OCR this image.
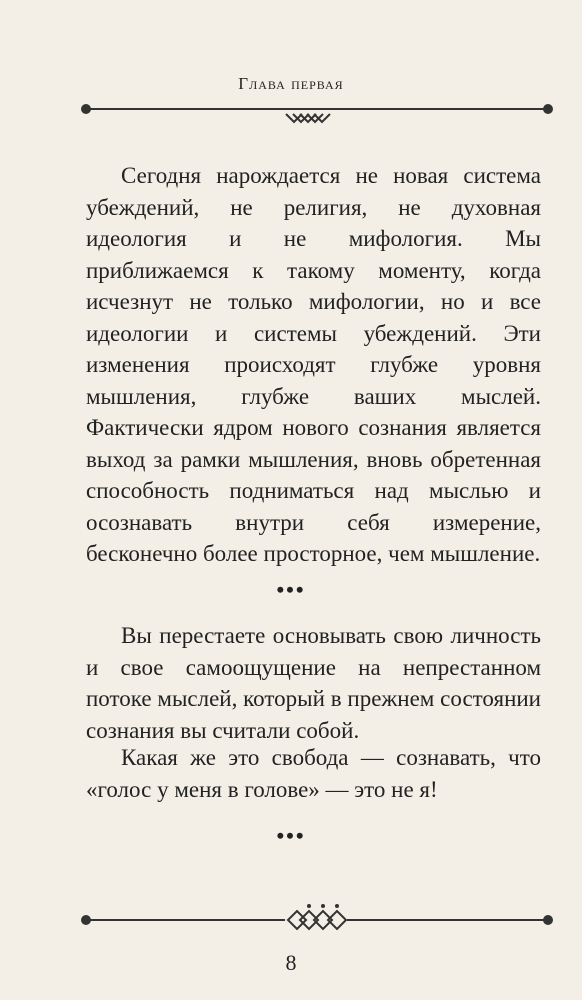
Глава первая

Сегодня нарождается не новая система убеждений, не религия, не духовная идеология и не мифология. Мы приближаемся к такому моменту, когда исчезнут не только мифологии, но и все идеологии и системы убеждений. Эти изменения происходят глубже уровня мышления, глубже ваших мыслей. Фактически ядром нового сознания является выход за рамки мышления, вновь обретенная способность подниматься над мыслью и осознавать внутри себя измерение, бесконечно более просторное, чем мышление.

•••

Вы перестаете основывать свою личность и свое самоощущение на непрестанном потоке мыслей, который в прежнем состоянии сознания вы считали собой.

Какая же это свобода — сознавать, что «голос у меня в голове» — это не я!

•••
8
